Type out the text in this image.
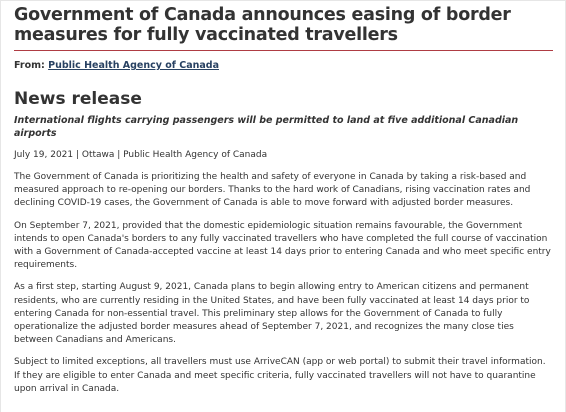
Government of Canada announces easing of border measures for fully vaccinated travellers

From: Public Health Agency of Canada

News release

International flights carrying passengers will be permitted to land at five additional Canadian airports

July 19, 2021 | Ottawa | Public Health Agency of Canada

The Government of Canada is prioritizing the health and safety of everyone in Canada by taking a risk-based and measured approach to re-opening our borders. Thanks to the hard work of Canadians, rising vaccination rates and declining COVID-19 cases, the Government of Canada is able to move forward with adjusted border measures.

On September 7, 2021, provided that the domestic epidemiologic situation remains favourable, the Government intends to open Canada's borders to any fully vaccinated travellers who have completed the full course of vaccination with a Government of Canada-accepted vaccine at least 14 days prior to entering Canada and who meet specific entry requirements.

As a first step, starting August 9, 2021, Canada plans to begin allowing entry to American citizens and permanent residents, who are currently residing in the United States, and have been fully vaccinated at least 14 days prior to entering Canada for non-essential travel. This preliminary step allows for the Government of Canada to fully operationalize the adjusted border measures ahead of September 7, 2021, and recognizes the many close ties between Canadians and Americans.

Subject to limited exceptions, all travellers must use ArriveCAN (app or web portal) to submit their travel information. If they are eligible to enter Canada and meet specific criteria, fully vaccinated travellers will not have to quarantine upon arrival in Canada.
